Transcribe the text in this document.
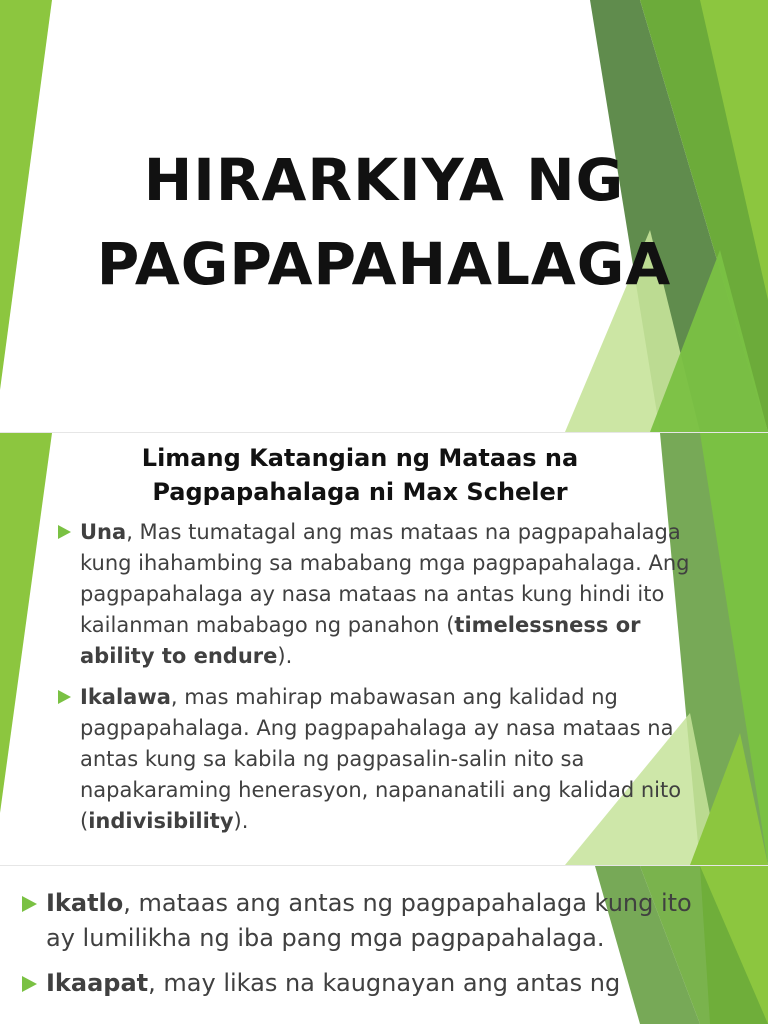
HIRARKIYA NG
PAGPAPAHALAGA
Limang Katangian ng Mataas na
Pagpapahalaga ni Max Scheler
Una, Mas tumatagal ang mas mataas na pagpapahalaga kung ihahambing sa mababang mga pagpapahalaga. Ang pagpapahalaga ay nasa mataas na antas kung hindi ito kailanman mababago ng panahon (timelessness or ability to endure).
Ikalawa, mas mahirap mabawasan ang kalidad ng pagpapahalaga. Ang pagpapahalaga ay nasa mataas na antas kung sa kabila ng pagpasalin-salin nito sa napakaraming henerasyon, napananatili ang kalidad nito (indivisibility).
Ikatlo, mataas ang antas ng pagpapahalaga kung ito ay lumilikha ng iba pang mga pagpapahalaga.
Ikaapat, may likas na kaugnayan ang antas ng
